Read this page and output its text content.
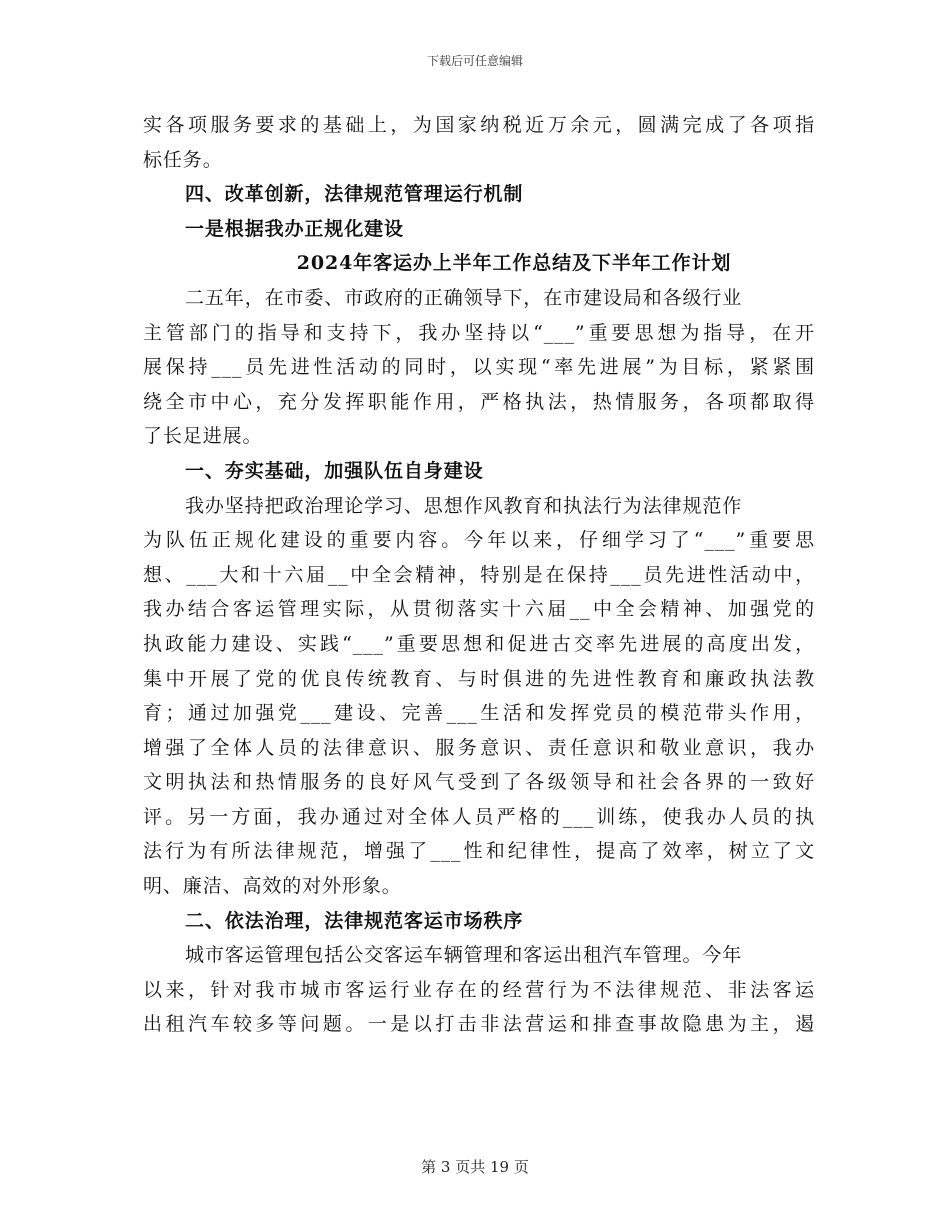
下载后可任意编辑
实各项服务要求的基础上，为国家纳税近万余元，圆满完成了各项指
标任务。
四、改革创新，法律规范管理运行机制
一是根据我办正规化建设
2024年客运办上半年工作总结及下半年工作计划
二五年，在市委、市政府的正确领导下，在市建设局和各级行业
主管部门的指导和支持下，我办坚持以“___”重要思想为指导，在开
展保持___员先进性活动的同时，以实现“率先进展”为目标，紧紧围
绕全市中心，充分发挥职能作用，严格执法，热情服务，各项都取得
了长足进展。
一、夯实基础，加强队伍自身建设
我办坚持把政治理论学习、思想作风教育和执法行为法律规范作
为队伍正规化建设的重要内容。今年以来，仔细学习了“___”重要思
想、___大和十六届__中全会精神，特别是在保持___员先进性活动中，
我办结合客运管理实际，从贯彻落实十六届__中全会精神、加强党的
执政能力建设、实践“___”重要思想和促进古交率先进展的高度出发，
集中开展了党的优良传统教育、与时俱进的先进性教育和廉政执法教
育；通过加强党___建设、完善___生活和发挥党员的模范带头作用，
增强了全体人员的法律意识、服务意识、责任意识和敬业意识，我办
文明执法和热情服务的良好风气受到了各级领导和社会各界的一致好
评。另一方面，我办通过对全体人员严格的___训练，使我办人员的执
法行为有所法律规范，增强了___性和纪律性，提高了效率，树立了文
明、廉洁、高效的对外形象。
二、依法治理，法律规范客运市场秩序
城市客运管理包括公交客运车辆管理和客运出租汽车管理。今年
以来，针对我市城市客运行业存在的经营行为不法律规范、非法客运
出租汽车较多等问题。一是以打击非法营运和排查事故隐患为主，遏
第 3 页共 19 页
